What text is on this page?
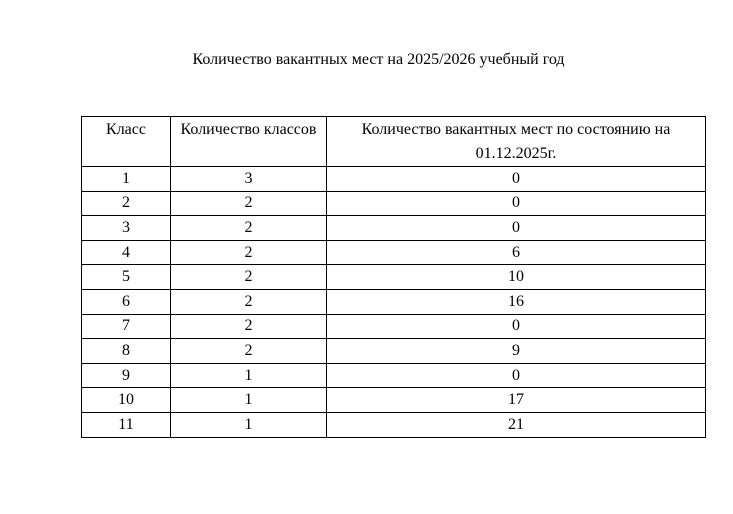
Количество вакантных мест на 2025/2026 учебный год
Класс	Количество классов	Количество вакантных мест по состоянию на 01.12.2025г.
1	3	0
2	2	0
3	2	0
4	2	6
5	2	10
6	2	16
7	2	0
8	2	9
9	1	0
10	1	17
11	1	21
